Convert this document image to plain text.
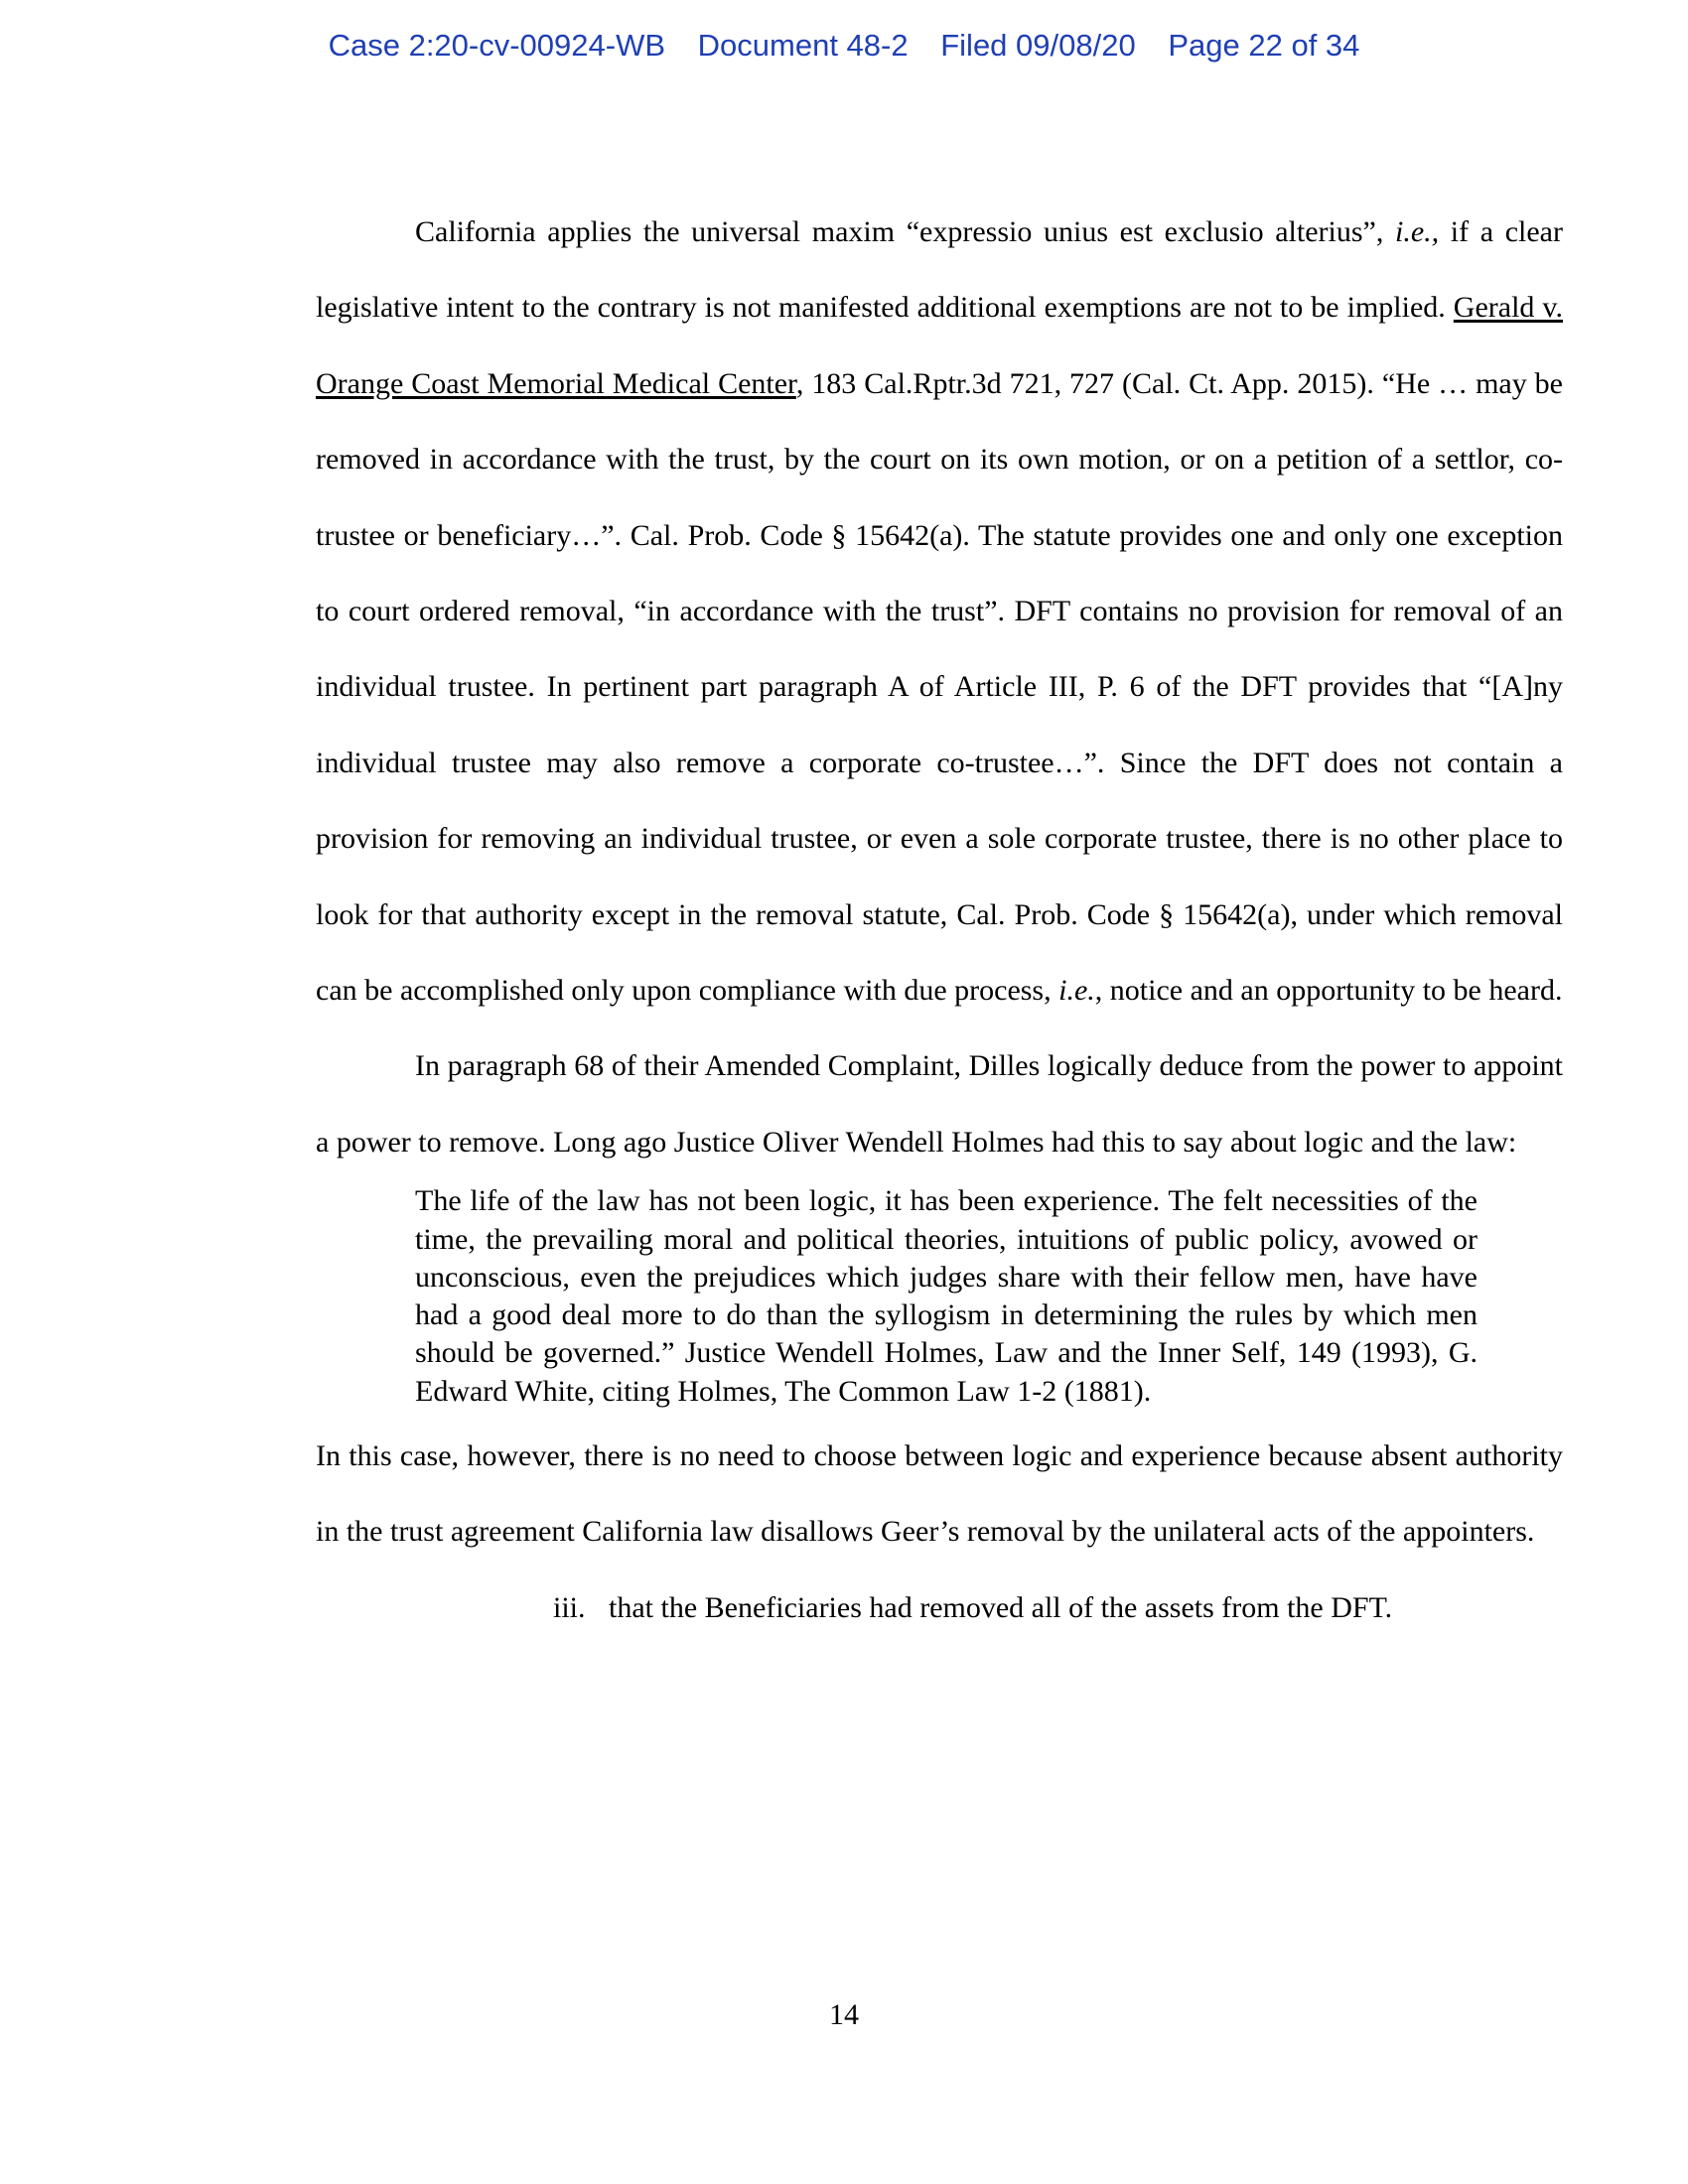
Case 2:20-cv-00924-WB Document 48-2 Filed 09/08/20 Page 22 of 34

California applies the universal maxim “expressio unius est exclusio alterius”, i.e., if a clear legislative intent to the contrary is not manifested additional exemptions are not to be implied. Gerald v. Orange Coast Memorial Medical Center, 183 Cal.Rptr.3d 721, 727 (Cal. Ct. App. 2015). “He … may be removed in accordance with the trust, by the court on its own motion, or on a petition of a settlor, co-trustee or beneficiary…”. Cal. Prob. Code § 15642(a). The statute provides one and only one exception to court ordered removal, “in accordance with the trust”. DFT contains no provision for removal of an individual trustee. In pertinent part paragraph A of Article III, P. 6 of the DFT provides that “[A]ny individual trustee may also remove a corporate co-trustee…”. Since the DFT does not contain a provision for removing an individual trustee, or even a sole corporate trustee, there is no other place to look for that authority except in the removal statute, Cal. Prob. Code § 15642(a), under which removal can be accomplished only upon compliance with due process, i.e., notice and an opportunity to be heard.

In paragraph 68 of their Amended Complaint, Dilles logically deduce from the power to appoint a power to remove. Long ago Justice Oliver Wendell Holmes had this to say about logic and the law:

The life of the law has not been logic, it has been experience. The felt necessities of the time, the prevailing moral and political theories, intuitions of public policy, avowed or unconscious, even the prejudices which judges share with their fellow men, have have had a good deal more to do than the syllogism in determining the rules by which men should be governed.” Justice Wendell Holmes, Law and the Inner Self, 149 (1993), G. Edward White, citing Holmes, The Common Law 1-2 (1881).

In this case, however, there is no need to choose between logic and experience because absent authority in the trust agreement California law disallows Geer’s removal by the unilateral acts of the appointers.

iii. that the Beneficiaries had removed all of the assets from the DFT.

14
